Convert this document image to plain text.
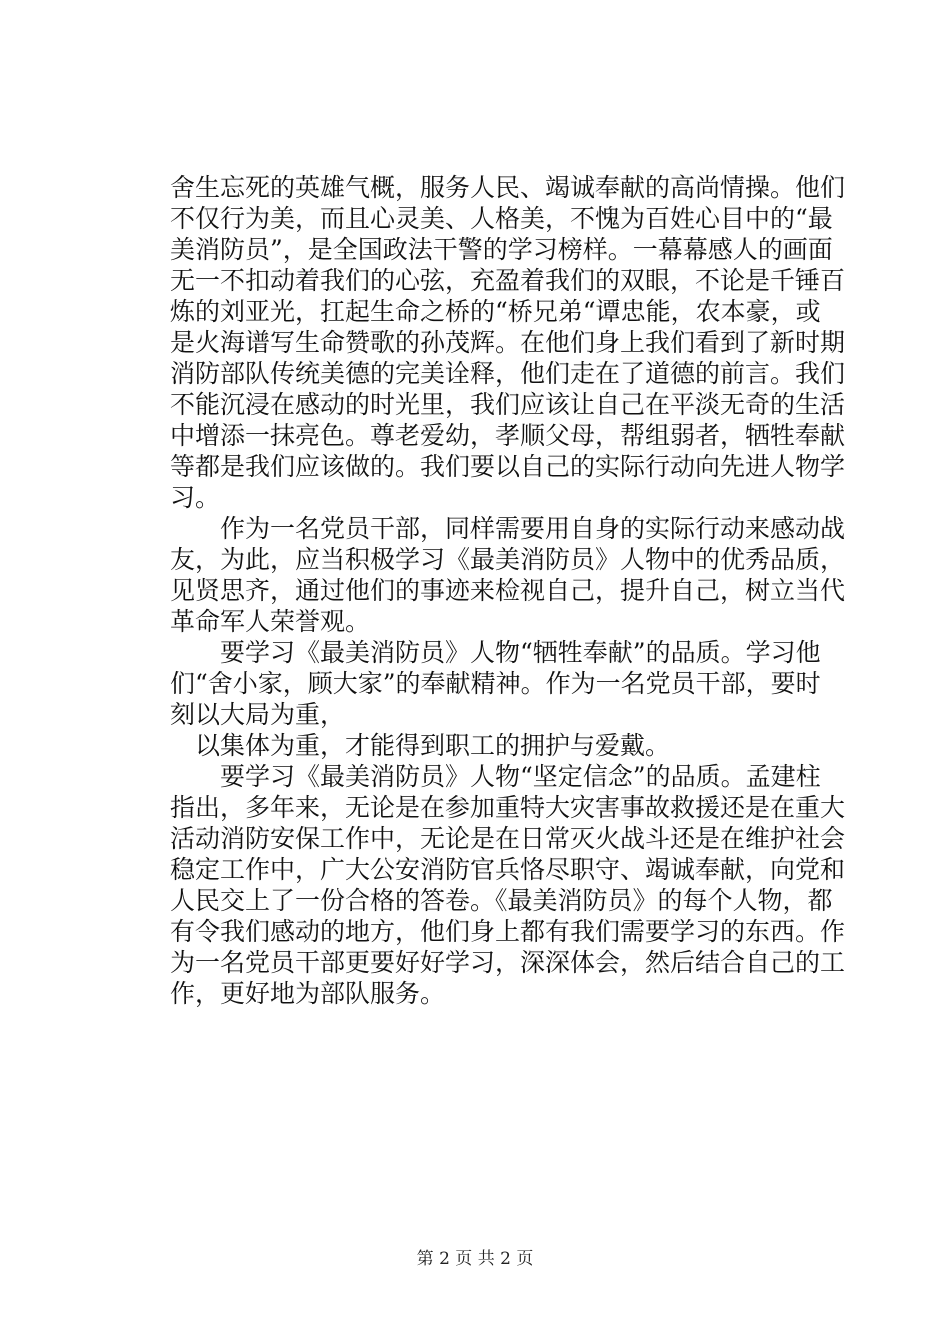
舍生忘死的英雄气概，服务人民、竭诚奉献的高尚情操。他们
不仅行为美，而且心灵美、人格美，不愧为百姓心目中的“最
美消防员”，是全国政法干警的学习榜样。一幕幕感人的画面
无一不扣动着我们的心弦，充盈着我们的双眼，不论是千锤百
炼的刘亚光，扛起生命之桥的“桥兄弟“谭忠能，农本豪，或
是火海谱写生命赞歌的孙茂辉。在他们身上我们看到了新时期
消防部队传统美德的完美诠释，他们走在了道德的前言。我们
不能沉浸在感动的时光里，我们应该让自己在平淡无奇的生活
中增添一抹亮色。尊老爱幼，孝顺父母，帮组弱者，牺牲奉献
等都是我们应该做的。我们要以自己的实际行动向先进人物学
习。
　　作为一名党员干部，同样需要用自身的实际行动来感动战
友，为此，应当积极学习《最美消防员》人物中的优秀品质，
见贤思齐，通过他们的事迹来检视自己，提升自己，树立当代
革命军人荣誉观。
　　要学习《最美消防员》人物“牺牲奉献”的品质。学习他
们“舍小家，顾大家”的奉献精神。作为一名党员干部，要时
刻以大局为重，
　以集体为重，才能得到职工的拥护与爱戴。
　　要学习《最美消防员》人物“坚定信念”的品质。孟建柱
指出，多年来，无论是在参加重特大灾害事故救援还是在重大
活动消防安保工作中，无论是在日常灭火战斗还是在维护社会
稳定工作中，广大公安消防官兵恪尽职守、竭诚奉献，向党和
人民交上了一份合格的答卷。《最美消防员》的每个人物，都
有令我们感动的地方，他们身上都有我们需要学习的东西。作
为一名党员干部更要好好学习，深深体会，然后结合自己的工
作，更好地为部队服务。
第 2 页 共 2 页
